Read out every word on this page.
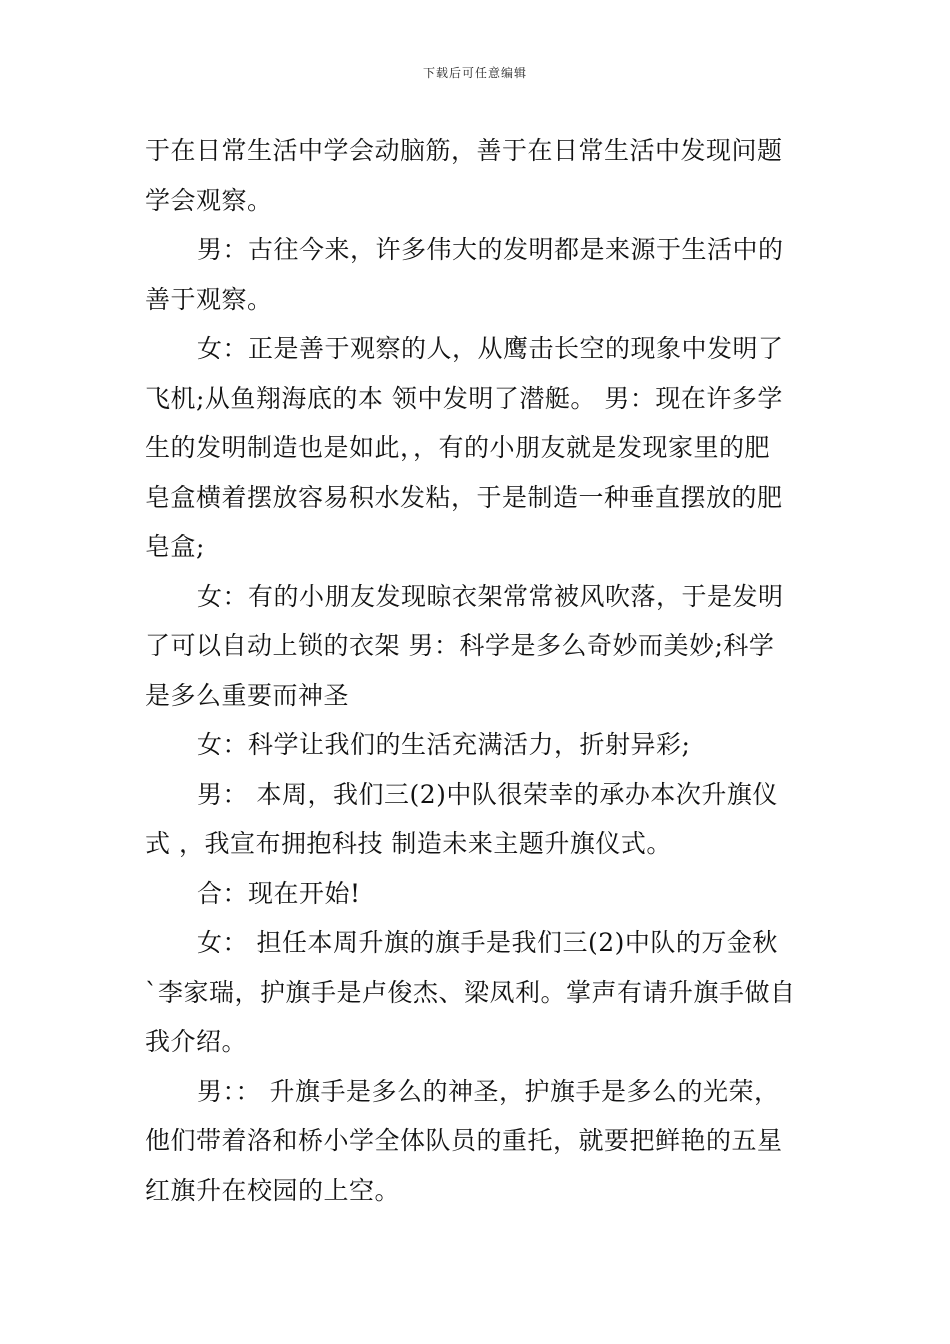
下载后可任意编辑
于在日常生活中学会动脑筋，善于在日常生活中发现问题
学会观察。
男：古往今来，许多伟大的发明都是来源于生活中的
善于观察。
女：正是善于观察的人，从鹰击长空的现象中发明了
飞机;从鱼翔海底的本 领中发明了潜艇。 男：现在许多学
生的发明制造也是如此，，有的小朋友就是发现家里的肥
皂盒横着摆放容易积水发粘，于是制造一种垂直摆放的肥
皂盒;
女：有的小朋友发现晾衣架常常被风吹落，于是发明
了可以自动上锁的衣架 男：科学是多么奇妙而美妙;科学
是多么重要而神圣
女：科学让我们的生活充满活力，折射异彩;
男： 本周，我们三(2)中队很荣幸的承办本次升旗仪
式 ，我宣布拥抱科技 制造未来主题升旗仪式。
合：现在开始!
女： 担任本周升旗的旗手是我们三(2)中队的万金秋
`李家瑞，护旗手是卢俊杰、梁凤利。掌声有请升旗手做自
我介绍。
男：： 升旗手是多么的神圣，护旗手是多么的光荣，
他们带着洛和桥小学全体队员的重托，就要把鲜艳的五星
红旗升在校园的上空。
